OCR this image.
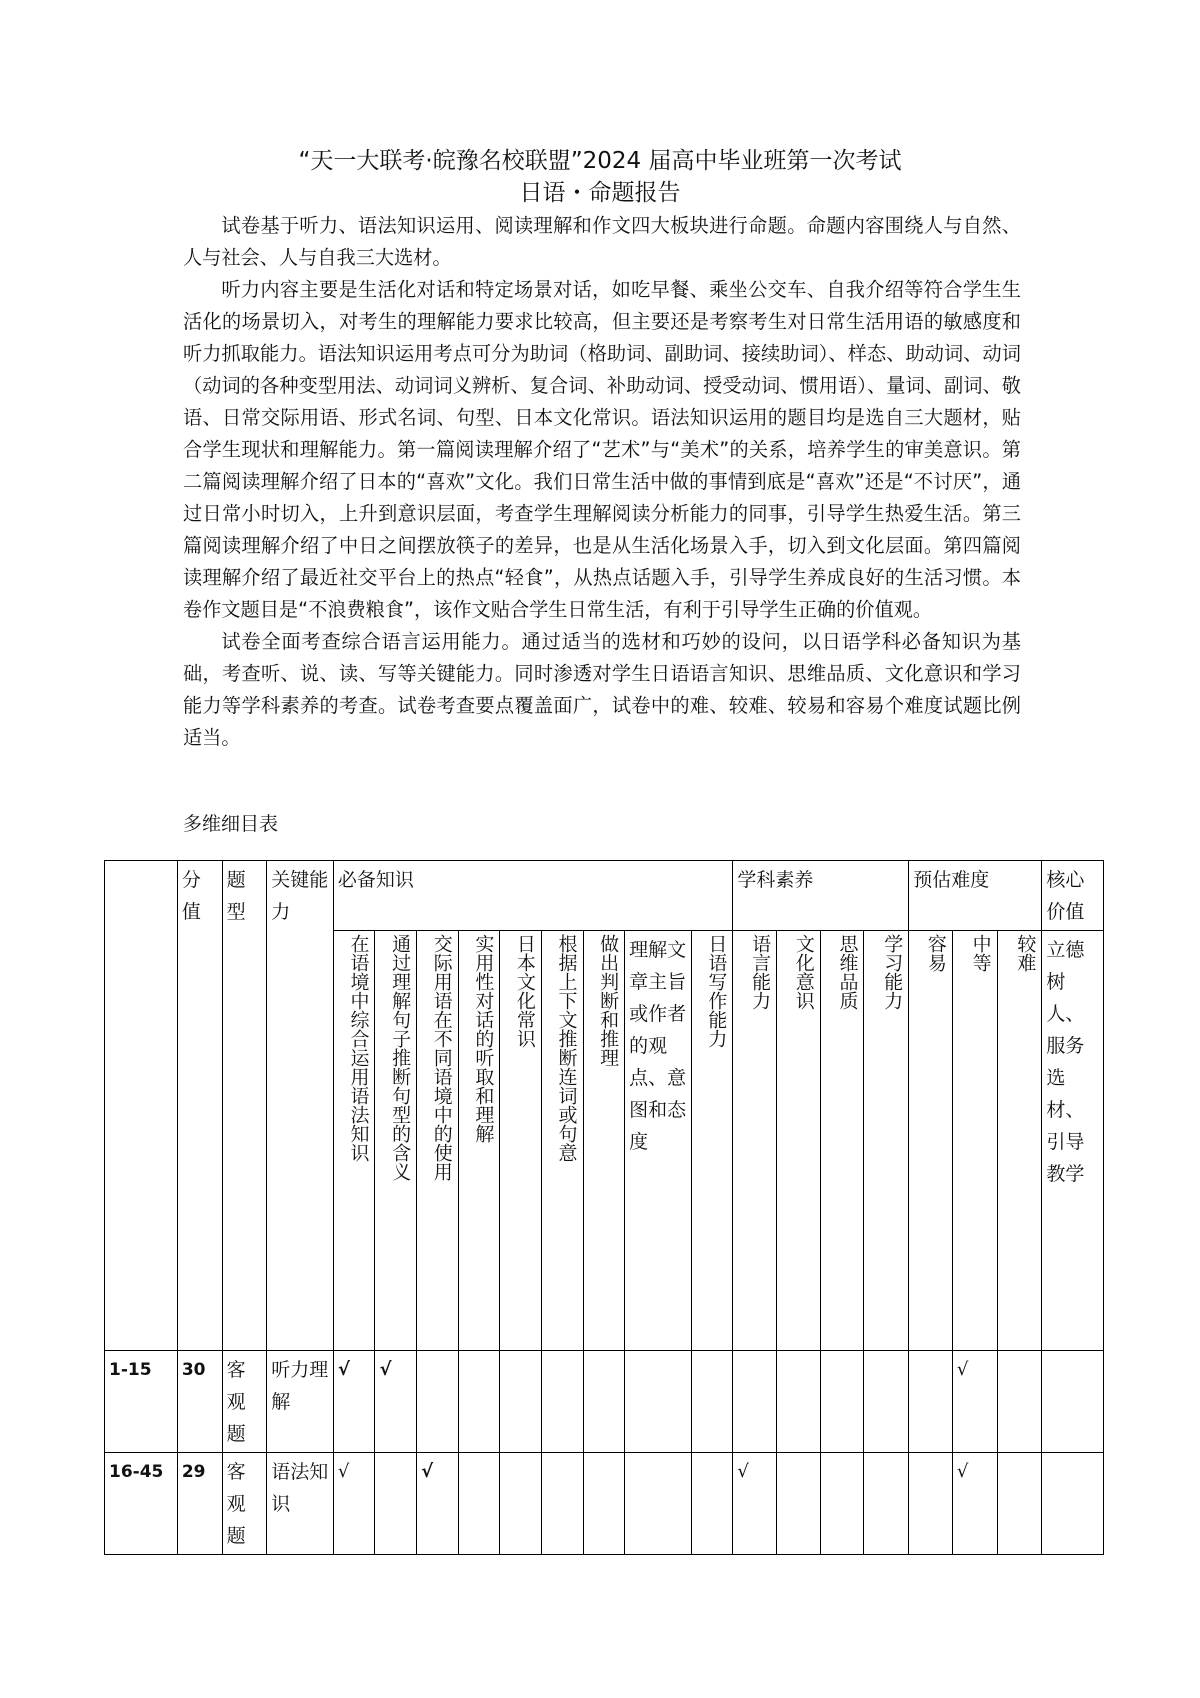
“天一大联考·皖豫名校联盟”2024 届高中毕业班第一次考试
日语・命题报告

试卷基于听力、语法知识运用、阅读理解和作文四大板块进行命题。命题内容围绕人与自然、人与社会、人与自我三大选材。

听力内容主要是生活化对话和特定场景对话，如吃早餐、乘坐公交车、自我介绍等符合学生生活化的场景切入，对考生的理解能力要求比较高，但主要还是考察考生对日常生活用语的敏感度和听力抓取能力。语法知识运用考点可分为助词（格助词、副助词、接续助词）、样态、助动词、动词（动词的各种变型用法、动词词义辨析、复合词、补助动词、授受动词、惯用语）、量词、副词、敬语、日常交际用语、形式名词、句型、日本文化常识。语法知识运用的题目均是选自三大题材，贴合学生现状和理解能力。第一篇阅读理解介绍了“艺术”与“美术”的关系，培养学生的审美意识。第二篇阅读理解介绍了日本的“喜欢”文化。我们日常生活中做的事情到底是“喜欢”还是“不讨厌”，通过日常小时切入，上升到意识层面，考查学生理解阅读分析能力的同事，引导学生热爱生活。第三篇阅读理解介绍了中日之间摆放筷子的差异，也是从生活化场景入手，切入到文化层面。第四篇阅读理解介绍了最近社交平台上的热点“轻食”，从热点话题入手，引导学生养成良好的生活习惯。本卷作文题目是“不浪费粮食”，该作文贴合学生日常生活，有利于引导学生正确的价值观。

试卷全面考查综合语言运用能力。通过适当的选材和巧妙的设问，以日语学科必备知识为基础，考查听、说、读、写等关键能力。同时渗透对学生日语语言知识、思维品质、文化意识和学习能力等学科素养的考查。试卷考查要点覆盖面广，试卷中的难、较难、较易和容易个难度试题比例适当。

多维细目表
	分值	题型	关键能力	必备知识									学科素养				预估难度			核心价值
				在语境中综合运用语法知识	通过理解句子推断句型的含义	交际用语在不同语境中的使用	实用性对话的听取和理解	日本文化常识	根据上下文推断连词或句意	做出判断和推理	理解文章主旨或作者的观点、意图和态度	日语写作能力	语言能力	文化意识	思维品质	学习能力	容易	中等	较难	立德树人、服务选材、引导教学
1-15	30	客观题	听力理解	√	√													√		
16-45	29	客观题	语法知识	√		√							√					√		
